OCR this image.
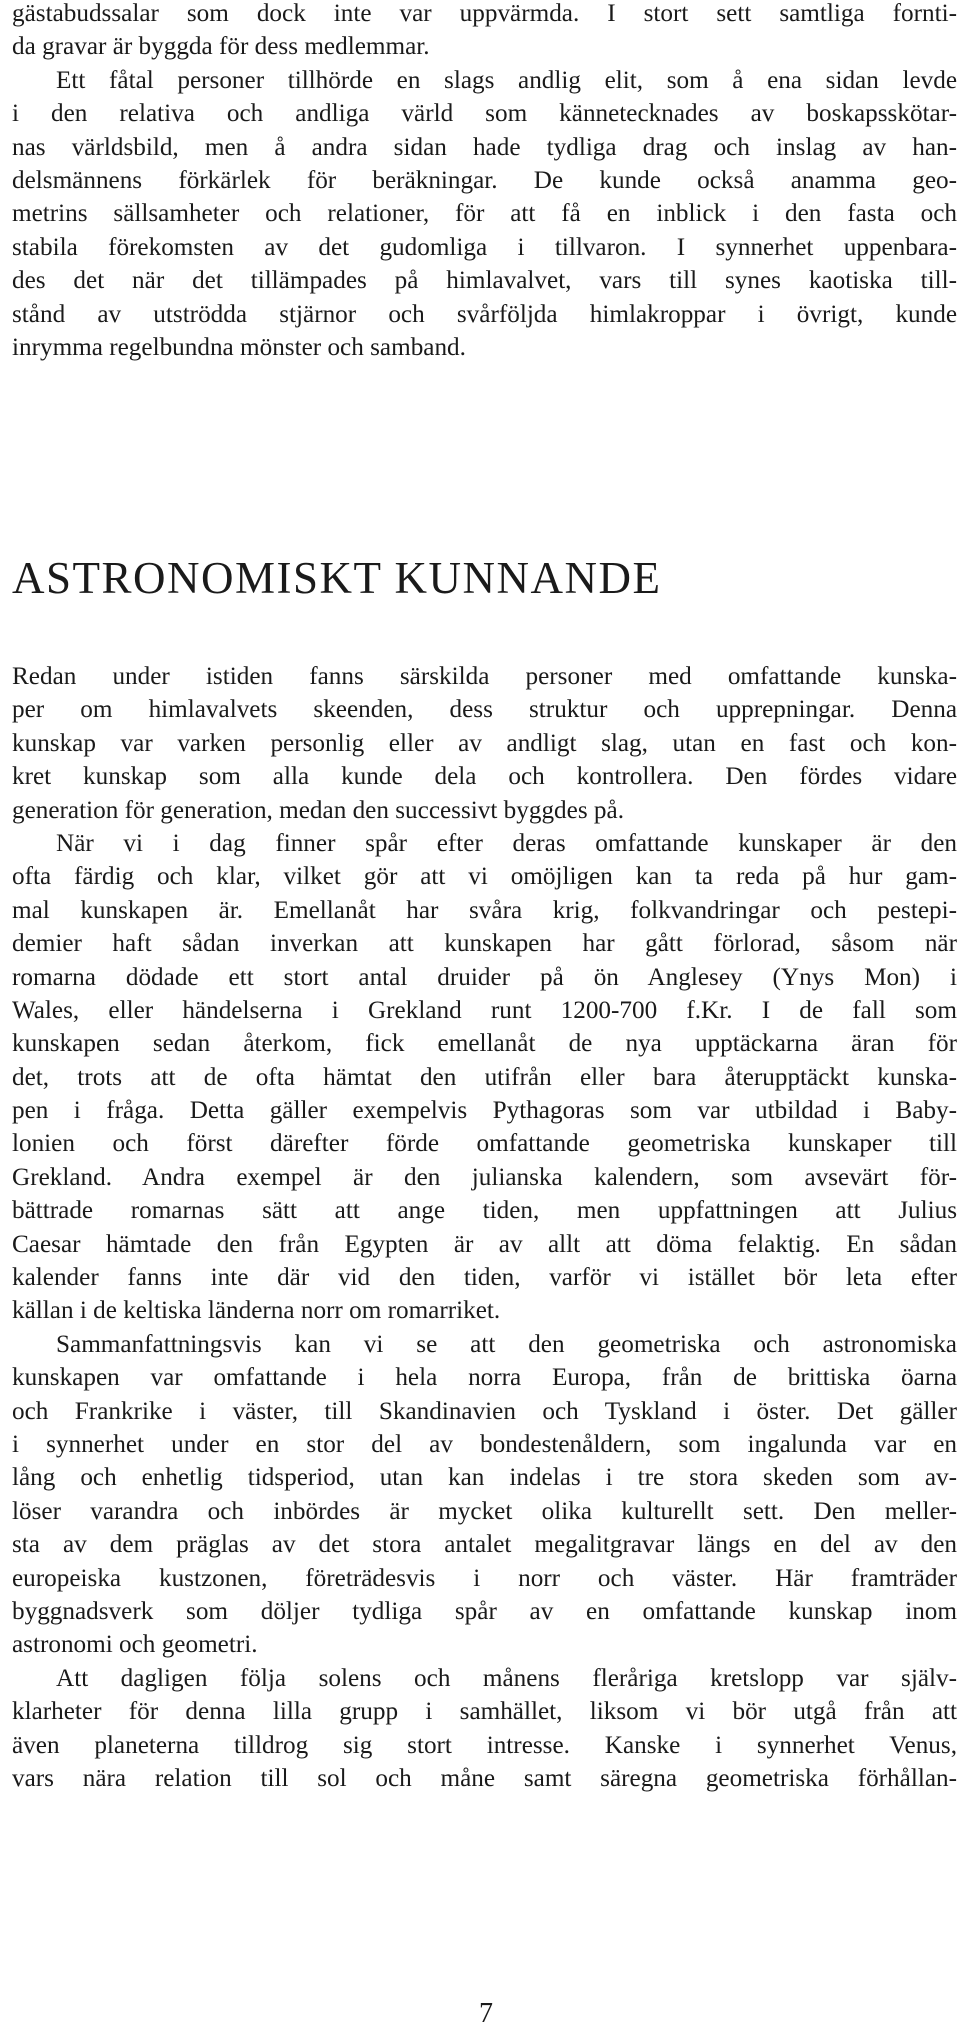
gästabudssalar som dock inte var uppvärmda. I stort sett samtliga fornti-
da gravar är byggda för dess medlemmar.
Ett fåtal personer tillhörde en slags andlig elit, som å ena sidan levde
i den relativa och andliga värld som kännetecknades av boskapsskötar-
nas världsbild, men å andra sidan hade tydliga drag och inslag av han-
delsmännens förkärlek för beräkningar. De kunde också anamma geo-
metrins sällsamheter och relationer, för att få en inblick i den fasta och
stabila förekomsten av det gudomliga i tillvaron. I synnerhet uppenbara-
des det när det tillämpades på himlavalvet, vars till synes kaotiska till-
stånd av utströdda stjärnor och svårföljda himlakroppar i övrigt, kunde
inrymma regelbundna mönster och samband.
ASTRONOMISKT KUNNANDE
Redan under istiden fanns särskilda personer med omfattande kunska-
per om himlavalvets skeenden, dess struktur och upprepningar. Denna
kunskap var varken personlig eller av andligt slag, utan en fast och kon-
kret kunskap som alla kunde dela och kontrollera. Den fördes vidare
generation för generation, medan den successivt byggdes på.
När vi i dag finner spår efter deras omfattande kunskaper är den
ofta färdig och klar, vilket gör att vi omöjligen kan ta reda på hur gam-
mal kunskapen är. Emellanåt har svåra krig, folkvandringar och pestepi-
demier haft sådan inverkan att kunskapen har gått förlorad, såsom när
romarna dödade ett stort antal druider på ön Anglesey (Ynys Mon) i
Wales, eller händelserna i Grekland runt 1200-700 f.Kr. I de fall som
kunskapen sedan återkom, fick emellanåt de nya upptäckarna äran för
det, trots att de ofta hämtat den utifrån eller bara återupptäckt kunska-
pen i fråga. Detta gäller exempelvis Pythagoras som var utbildad i Baby-
lonien och först därefter förde omfattande geometriska kunskaper till
Grekland. Andra exempel är den julianska kalendern, som avsevärt för-
bättrade romarnas sätt att ange tiden, men uppfattningen att Julius
Caesar hämtade den från Egypten är av allt att döma felaktig. En sådan
kalender fanns inte där vid den tiden, varför vi istället bör leta efter
källan i de keltiska länderna norr om romarriket.
Sammanfattningsvis kan vi se att den geometriska och astronomiska
kunskapen var omfattande i hela norra Europa, från de brittiska öarna
och Frankrike i väster, till Skandinavien och Tyskland i öster. Det gäller
i synnerhet under en stor del av bondestenåldern, som ingalunda var en
lång och enhetlig tidsperiod, utan kan indelas i tre stora skeden som av-
löser varandra och inbördes är mycket olika kulturellt sett. Den meller-
sta av dem präglas av det stora antalet megalitgravar längs en del av den
europeiska kustzonen, företrädesvis i norr och väster. Här framträder
byggnadsverk som döljer tydliga spår av en omfattande kunskap inom
astronomi och geometri.
Att dagligen följa solens och månens fleråriga kretslopp var själv-
klarheter för denna lilla grupp i samhället, liksom vi bör utgå från att
även planeterna tilldrog sig stort intresse. Kanske i synnerhet Venus,
vars nära relation till sol och måne samt säregna geometriska förhållan-
7
